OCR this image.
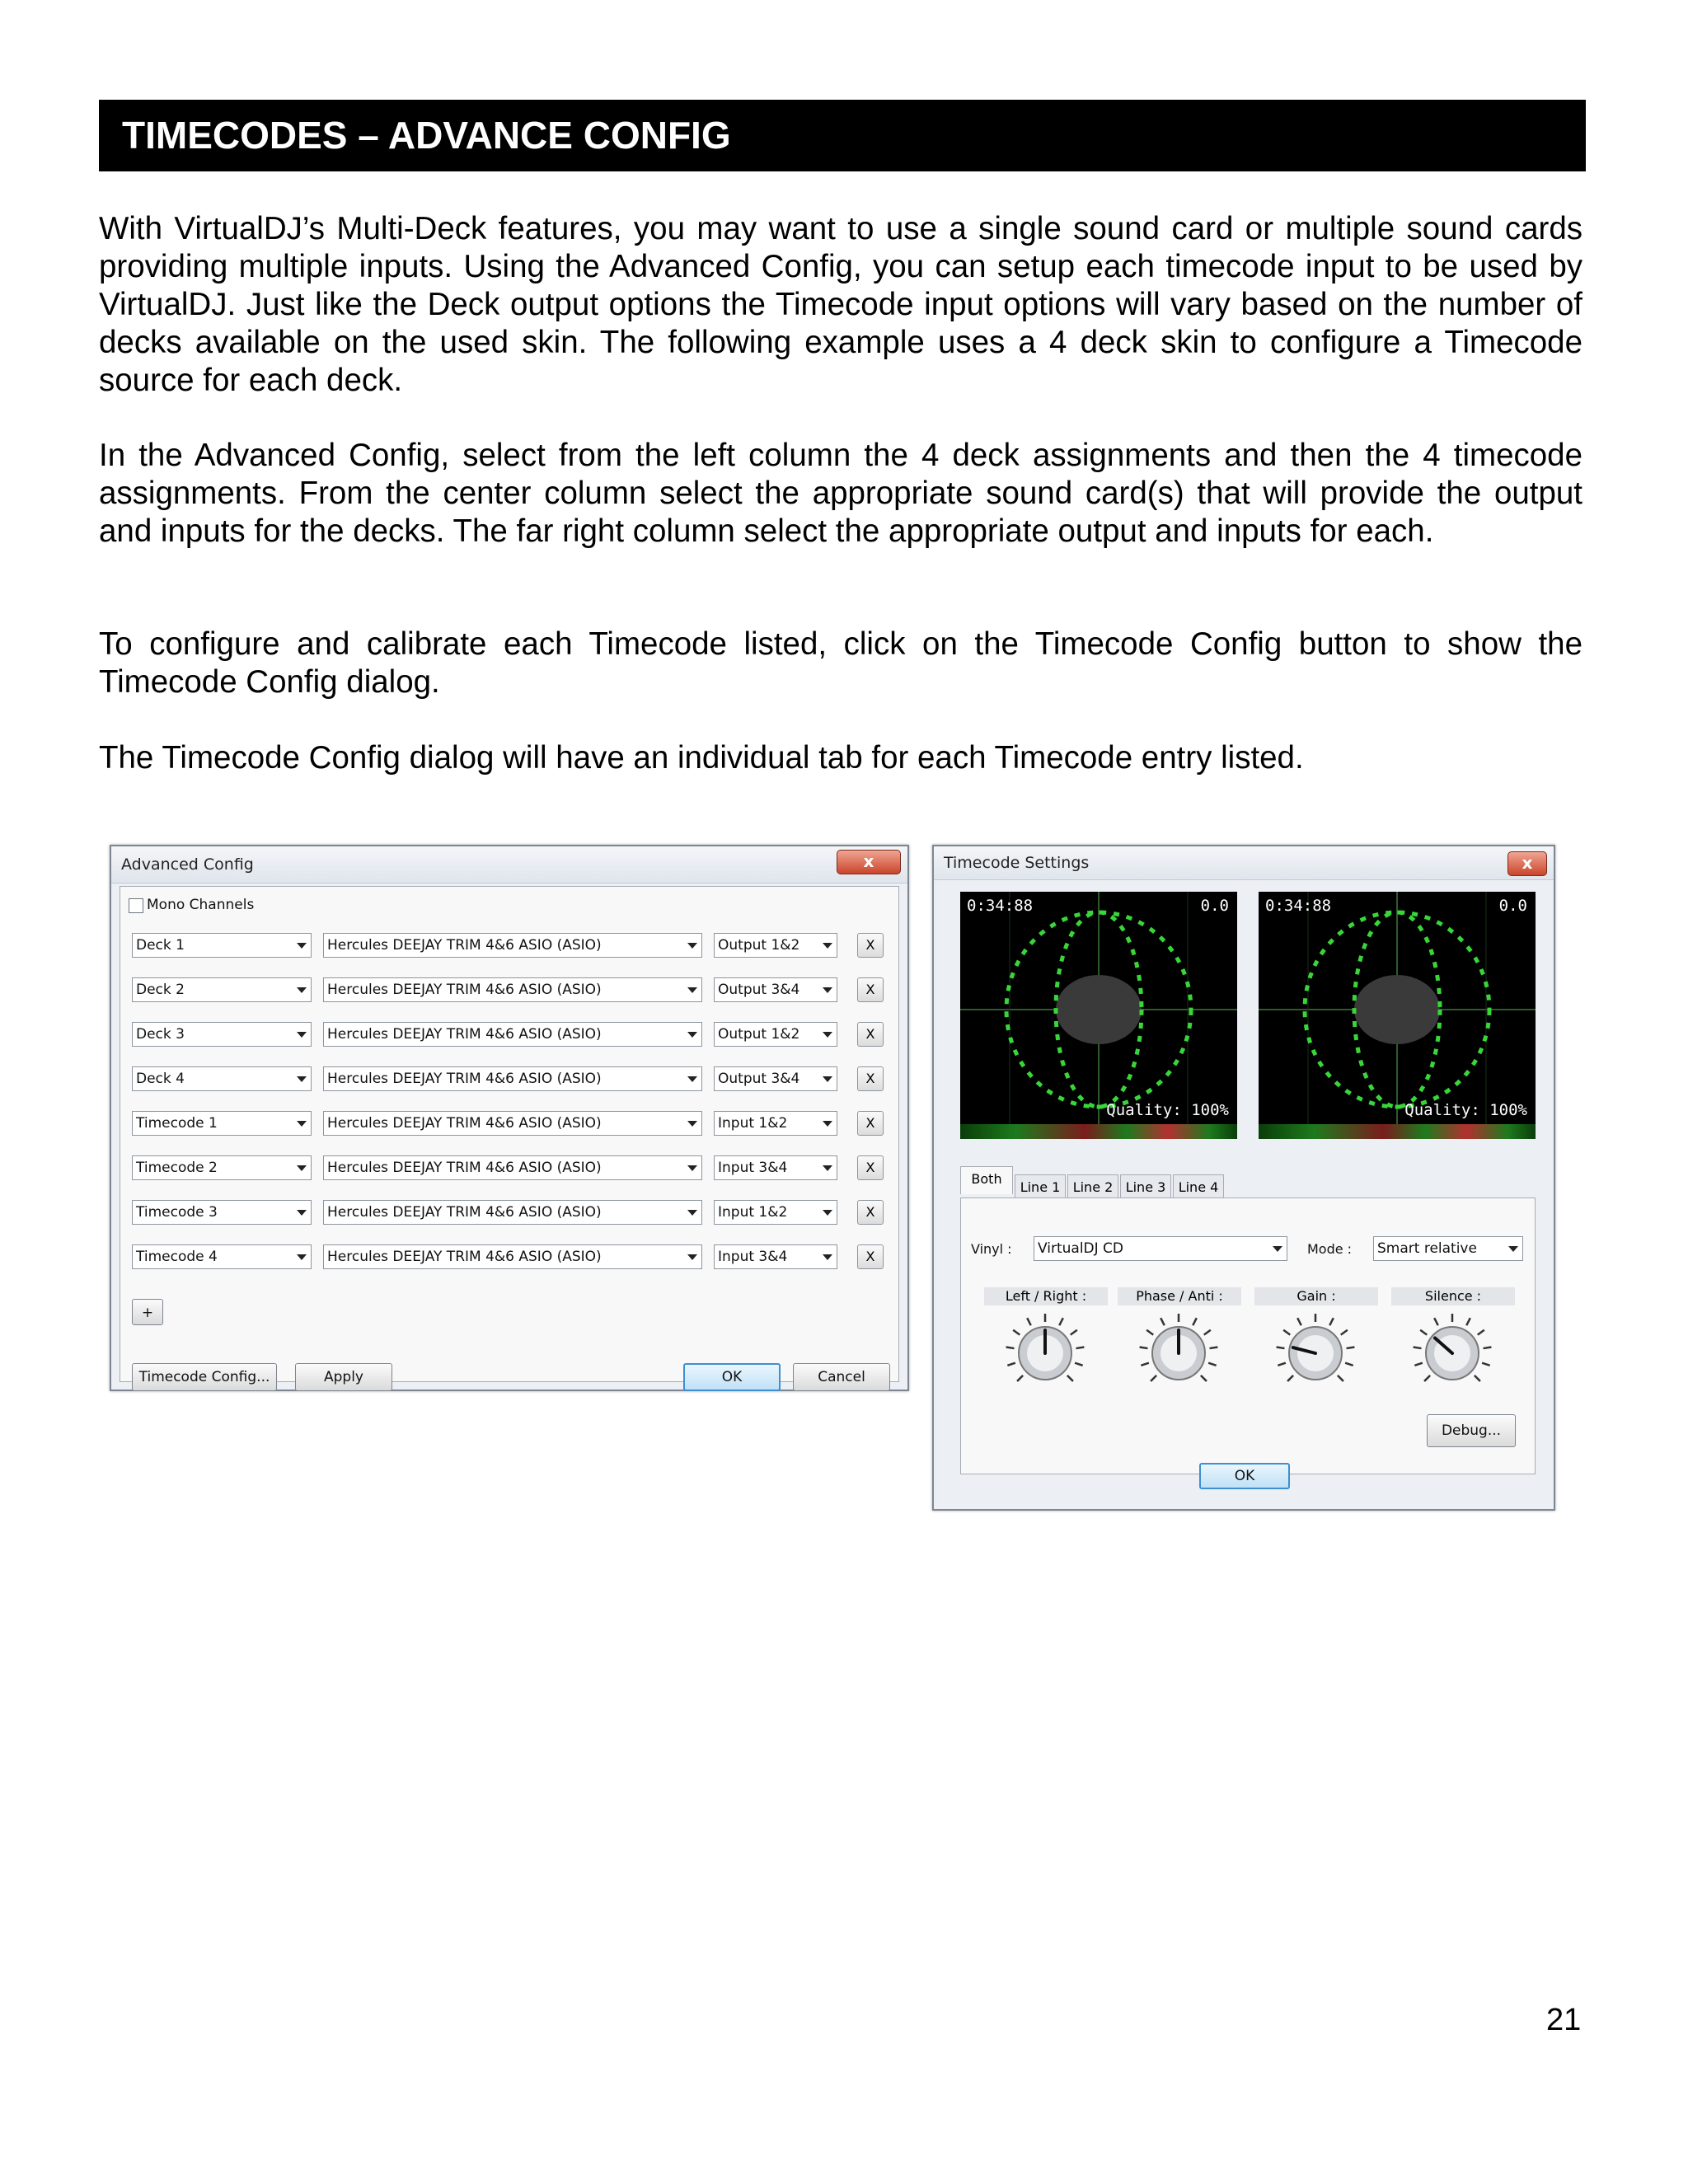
TIMECODES – ADVANCE CONFIG

With VirtualDJ’s Multi-Deck features, you may want to use a single sound card or multiple sound cards providing multiple inputs. Using the Advanced Config, you can setup each timecode input to be used by VirtualDJ. Just like the Deck output options the Timecode input options will vary based on the number of decks available on the used skin. The following example uses a 4 deck skin to configure a Timecode source for each deck.

In the Advanced Config, select from the left column the 4 deck assignments and then the 4 timecode assignments. From the center column select the appropriate sound card(s) that will provide the output and inputs for the decks. The far right column select the appropriate output and inputs for each.

To configure and calibrate each Timecode listed, click on the Timecode Config button to show the Timecode Config dialog.

The Timecode Config dialog will have an individual tab for each Timecode entry listed.

Advanced Config	x
Mono Channels
Deck 1	Hercules DEEJAY TRIM 4&6 ASIO (ASIO)	Output 1&2	X
Deck 2	Hercules DEEJAY TRIM 4&6 ASIO (ASIO)	Output 3&4	X
Deck 3	Hercules DEEJAY TRIM 4&6 ASIO (ASIO)	Output 1&2	X
Deck 4	Hercules DEEJAY TRIM 4&6 ASIO (ASIO)	Output 3&4	X
Timecode 1	Hercules DEEJAY TRIM 4&6 ASIO (ASIO)	Input 1&2	X
Timecode 2	Hercules DEEJAY TRIM 4&6 ASIO (ASIO)	Input 3&4	X
Timecode 3	Hercules DEEJAY TRIM 4&6 ASIO (ASIO)	Input 1&2	X
Timecode 4	Hercules DEEJAY TRIM 4&6 ASIO (ASIO)	Input 3&4	X
+
Timecode Config...	Apply	OK	Cancel
Timecode Settings	x
0:34:88	0.0
Quality: 100%
0:34:88	0.0
Quality: 100%
Both
Line 1 Line 2 Line 3 Line 4
Vinyl : VirtualDJ CD	Mode : Smart relative
Left / Right :	Phase / Anti :	Gain :	Silence :
Debug...
OK
21
